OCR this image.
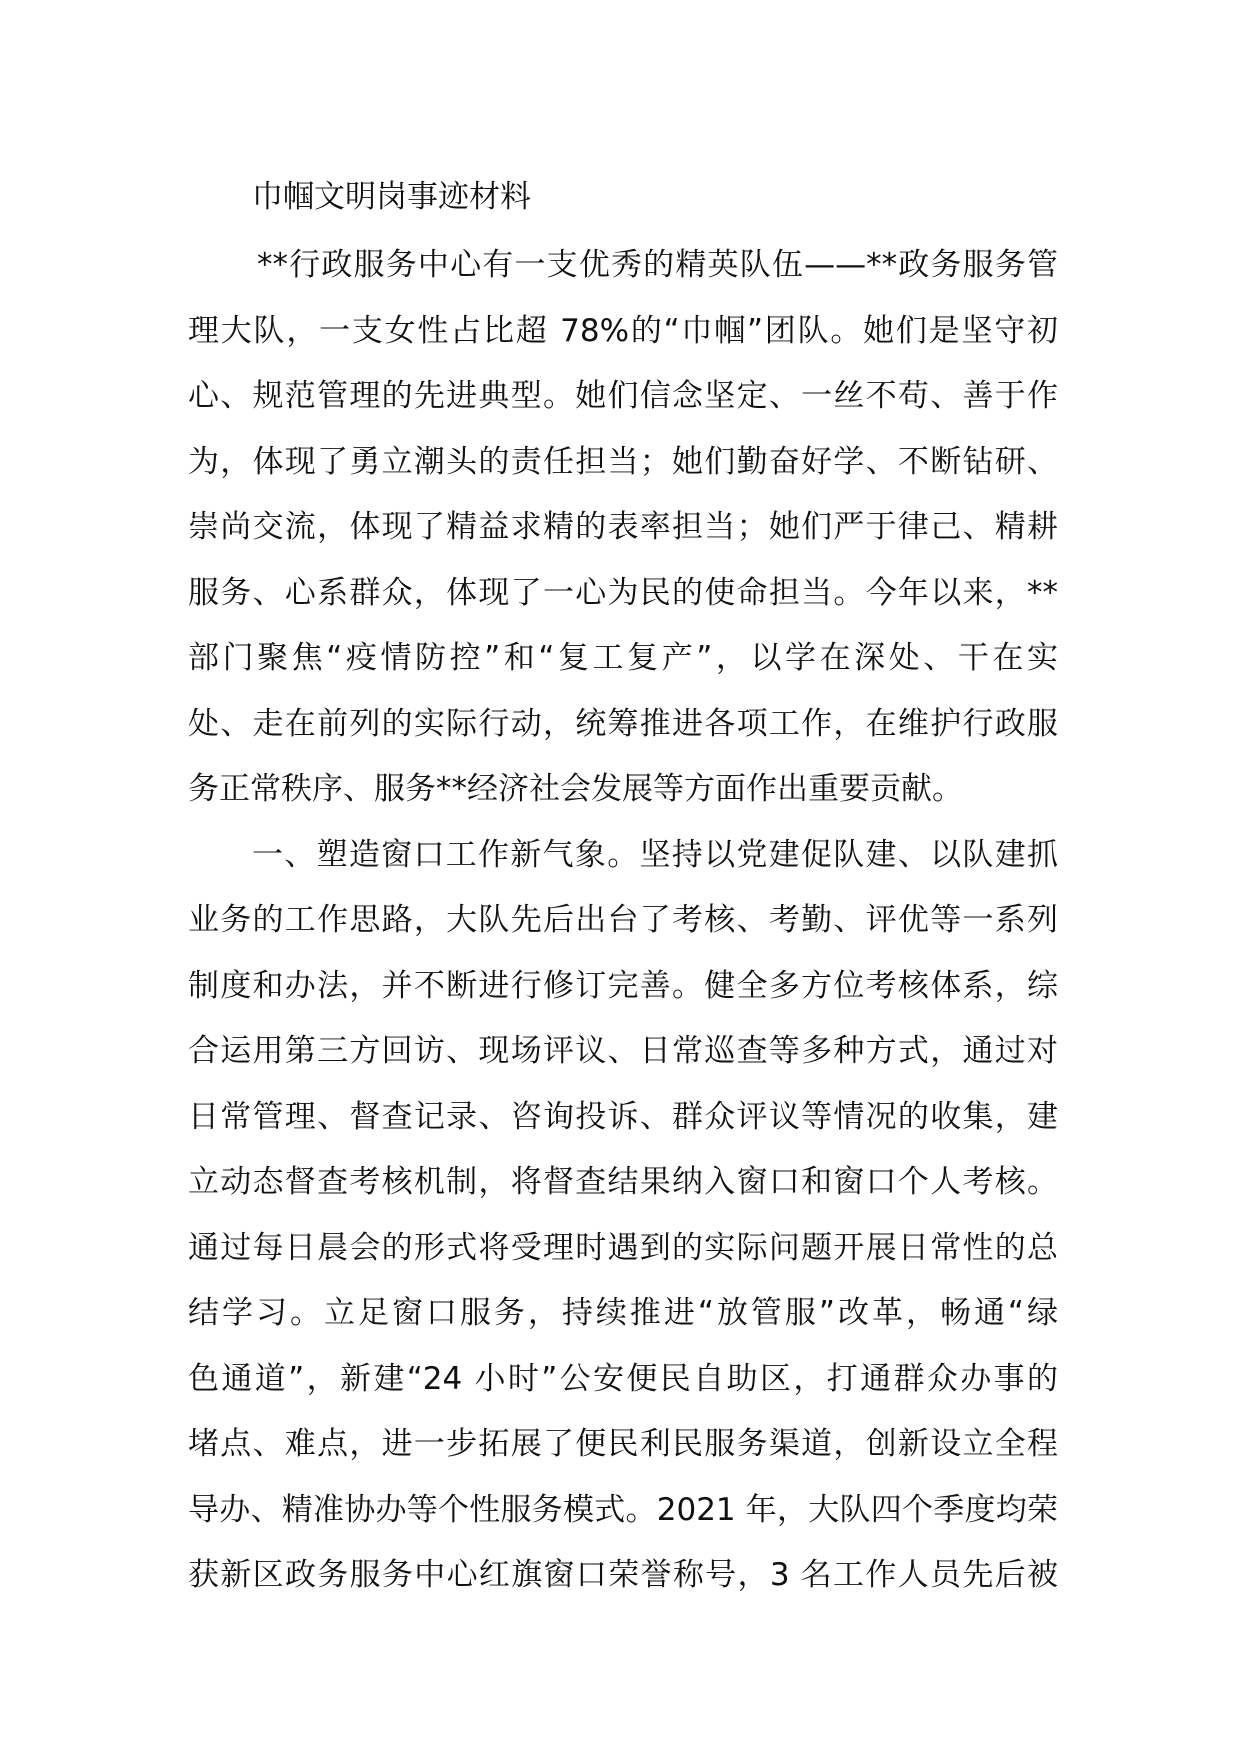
巾帼文明岗事迹材料
**行政服务中心有一支优秀的精英队伍——**政务服务管
理大队，一支女性占比超 78%的“巾帼”团队。她们是坚守初
心、规范管理的先进典型。她们信念坚定、一丝不苟、善于作
为，体现了勇立潮头的责任担当；她们勤奋好学、不断钻研、
崇尚交流，体现了精益求精的表率担当；她们严于律己、精耕
服务、心系群众，体现了一心为民的使命担当。今年以来，**
部门聚焦“疫情防控”和“复工复产”，以学在深处、干在实
处、走在前列的实际行动，统筹推进各项工作，在维护行政服
务正常秩序、服务**经济社会发展等方面作出重要贡献。
一、塑造窗口工作新气象。坚持以党建促队建、以队建抓
业务的工作思路，大队先后出台了考核、考勤、评优等一系列
制度和办法，并不断进行修订完善。健全多方位考核体系，综
合运用第三方回访、现场评议、日常巡查等多种方式，通过对
日常管理、督查记录、咨询投诉、群众评议等情况的收集，建
立动态督查考核机制，将督查结果纳入窗口和窗口个人考核。
通过每日晨会的形式将受理时遇到的实际问题开展日常性的总
结学习。立足窗口服务，持续推进“放管服”改革，畅通“绿
色通道”，新建“24 小时”公安便民自助区，打通群众办事的
堵点、难点，进一步拓展了便民利民服务渠道，创新设立全程
导办、精准协办等个性服务模式。2021 年，大队四个季度均荣
获新区政务服务中心红旗窗口荣誉称号，3 名工作人员先后被
